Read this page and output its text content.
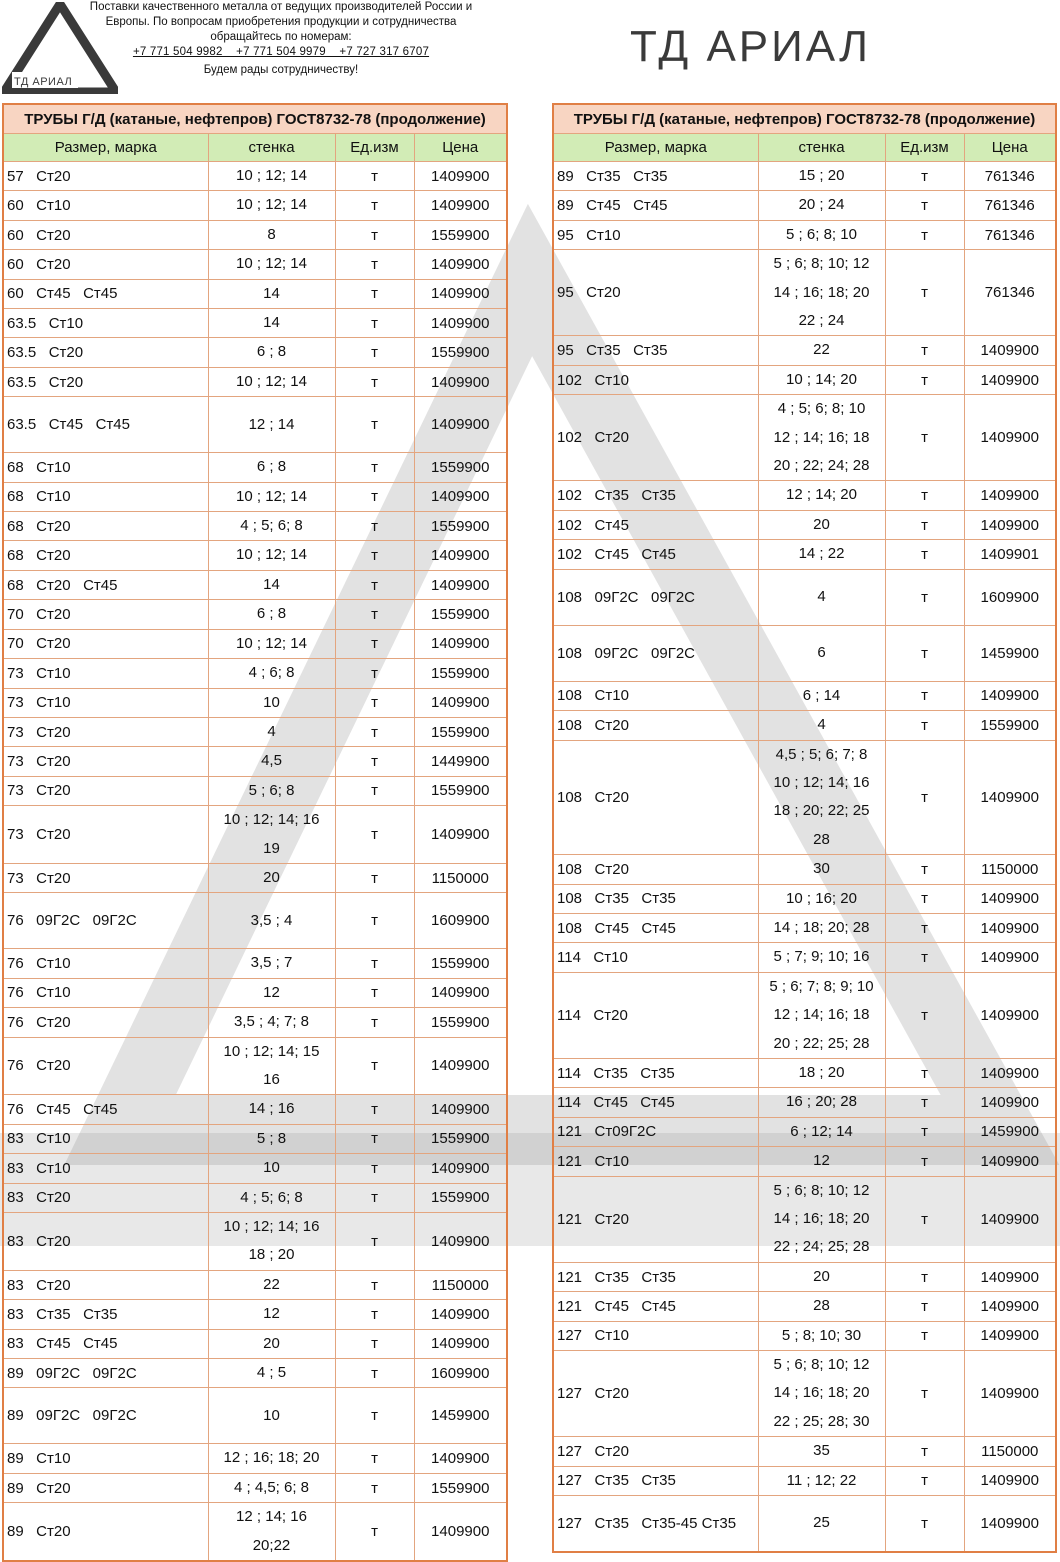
ТД АРИАЛ
Поставки качественного металла от ведущих производителей России и
Европы. По вопросам приобретения продукции и сотрудничества
обращайтесь по номерам:
+7 771 504 9982    +7 771 504 9979    +7 727 317 6707
Будем рады сотрудничеству!	ТД АРИАЛ
ТРУБЫ Г/Д (катаные, нефтепров) ГОСТ8732-78 (продолжение)			
Размер, марка	стенка	Ед.изм	Цена
57   Ст20	10 ; 12; 14	т	1409900
60   Ст10	10 ; 12; 14	т	1409900
60   Ст20	8	т	1559900
60   Ст20	10 ; 12; 14	т	1409900
60   Ст45   Ст45	14	т	1409900
63.5   Ст10	14	т	1409900
63.5   Ст20	6 ; 8	т	1559900
63.5   Ст20	10 ; 12; 14	т	1409900
63.5   Ст45   Ст45	12 ; 14	т	1409900
68   Ст10	6 ; 8	т	1559900
68   Ст10	10 ; 12; 14	т	1409900
68   Ст20	4 ; 5; 6; 8	т	1559900
68   Ст20	10 ; 12; 14	т	1409900
68   Ст20   Ст45	14	т	1409900
70   Ст20	6 ; 8	т	1559900
70   Ст20	10 ; 12; 14	т	1409900
73   Ст10	4 ; 6; 8	т	1559900
73   Ст10	10	т	1409900
73   Ст20	4	т	1559900
73   Ст20	4,5	т	1449900
73   Ст20	5 ; 6; 8	т	1559900
73   Ст20	10 ; 12; 14; 16
19	т	1409900
73   Ст20	20	т	1150000
76   09Г2С   09Г2С	3,5 ; 4	т	1609900
76   Ст10	3,5 ; 7	т	1559900
76   Ст10	12	т	1409900
76   Ст20	3,5 ; 4; 7; 8	т	1559900
76   Ст20	10 ; 12; 14; 15
16	т	1409900
76   Ст45   Ст45	14 ; 16	т	1409900
83   Ст10	5 ; 8	т	1559900
83   Ст10	10	т	1409900
83   Ст20	4 ; 5; 6; 8	т	1559900
83   Ст20	10 ; 12; 14; 16
18 ; 20	т	1409900
83   Ст20	22	т	1150000
83   Ст35   Ст35	12	т	1409900
83   Ст45   Ст45	20	т	1409900
89   09Г2С   09Г2С	4 ; 5	т	1609900
89   09Г2С   09Г2С	10	т	1459900
89   Ст10	12 ; 16; 18; 20	т	1409900
89   Ст20	4 ; 4,5; 6; 8	т	1559900
89   Ст20	12 ; 14; 16
20;22	т	1409900
ТРУБЫ Г/Д (катаные, нефтепров) ГОСТ8732-78 (продолжение)			
Размер, марка	стенка	Ед.изм	Цена
89   Ст35   Ст35	15 ; 20	т	761346
89   Ст45   Ст45	20 ; 24	т	761346
95   Ст10	5 ; 6; 8; 10	т	761346
95   Ст20	5 ; 6; 8; 10; 12
14 ; 16; 18; 20
22 ; 24	т	761346
95   Ст35   Ст35	22	т	1409900
102   Ст10	10 ; 14; 20	т	1409900
102   Ст20	4 ; 5; 6; 8; 10
12 ; 14; 16; 18
20 ; 22; 24; 28	т	1409900
102   Ст35   Ст35	12 ; 14; 20	т	1409900
102   Ст45	20	т	1409900
102   Ст45   Ст45	14 ; 22	т	1409901
108   09Г2С   09Г2С	4	т	1609900
108   09Г2С   09Г2С	6	т	1459900
108   Ст10	6 ; 14	т	1409900
108   Ст20	4	т	1559900
108   Ст20	4,5 ; 5; 6; 7; 8
10 ; 12; 14; 16
18 ; 20; 22; 25
28	т	1409900
108   Ст20	30	т	1150000
108   Ст35   Ст35	10 ; 16; 20	т	1409900
108   Ст45   Ст45	14 ; 18; 20; 28	т	1409900
114   Ст10	5 ; 7; 9; 10; 16	т	1409900
114   Ст20	5 ; 6; 7; 8; 9; 10
12 ; 14; 16; 18
20 ; 22; 25; 28	т	1409900
114   Ст35   Ст35	18 ; 20	т	1409900
114   Ст45   Ст45	16 ; 20; 28	т	1409900
121   Ст09Г2С	6 ; 12; 14	т	1459900
121   Ст10	12	т	1409900
121   Ст20	5 ; 6; 8; 10; 12
14 ; 16; 18; 20
22 ; 24; 25; 28	т	1409900
121   Ст35   Ст35	20	т	1409900
121   Ст45   Ст45	28	т	1409900
127   Ст10	5 ; 8; 10; 30	т	1409900
127   Ст20	5 ; 6; 8; 10; 12
14 ; 16; 18; 20
22 ; 25; 28; 30	т	1409900
127   Ст20	35	т	1150000
127   Ст35   Ст35	11 ; 12; 22	т	1409900
127   Ст35   Ст35-45 Ст35	25	т	1409900
